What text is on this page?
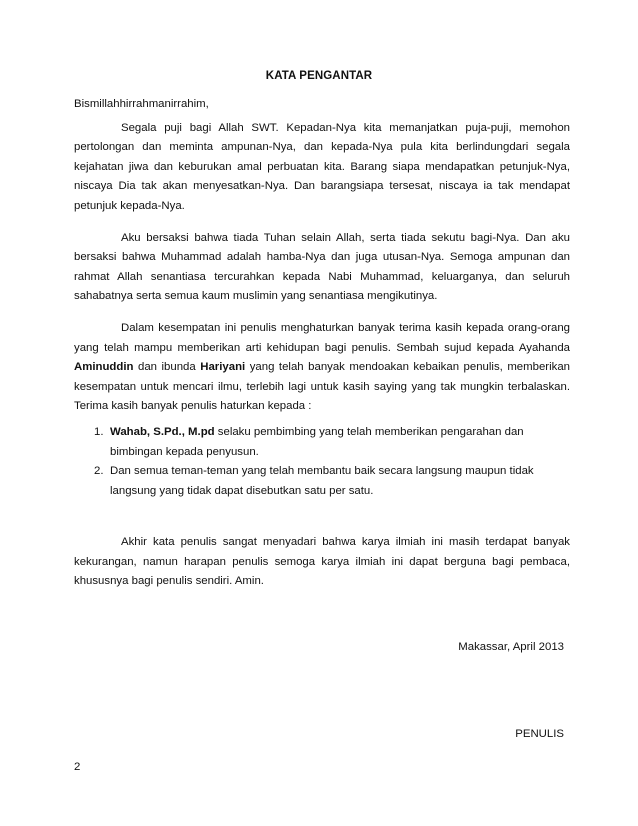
KATA PENGANTAR

Bismillahhirrahmanirrahim,

Segala puji bagi Allah SWT. Kepadan-Nya kita memanjatkan puja-puji, memohon pertolongan dan meminta ampunan-Nya, dan kepada-Nya pula kita berlindungdari segala kejahatan jiwa dan keburukan amal perbuatan kita. Barang siapa mendapatkan petunjuk-Nya, niscaya Dia tak akan menyesatkan-Nya. Dan barangsiapa tersesat, niscaya ia tak mendapat petunjuk kepada-Nya.

Aku bersaksi bahwa tiada Tuhan selain Allah, serta tiada sekutu bagi-Nya. Dan aku bersaksi bahwa Muhammad adalah hamba-Nya dan juga utusan-Nya. Semoga ampunan dan rahmat Allah senantiasa tercurahkan kepada Nabi Muhammad, keluarganya, dan seluruh sahabatnya serta semua kaum muslimin yang senantiasa mengikutinya.

Dalam kesempatan ini penulis menghaturkan banyak terima kasih kepada orang-orang yang telah mampu memberikan arti kehidupan bagi penulis. Sembah sujud kepada Ayahanda Aminuddin dan ibunda Hariyani yang telah banyak mendoakan kebaikan penulis, memberikan kesempatan untuk mencari ilmu, terlebih lagi untuk kasih saying yang tak mungkin terbalaskan. Terima kasih banyak penulis haturkan kepada :

1. Wahab, S.Pd., M.pd selaku pembimbing yang telah memberikan pengarahan dan bimbingan kepada penyusun.
2. Dan semua teman-teman yang telah membantu baik secara langsung maupun tidak langsung yang tidak dapat disebutkan satu per satu.

Akhir kata penulis sangat menyadari bahwa karya ilmiah ini masih terdapat banyak kekurangan, namun harapan penulis semoga karya ilmiah ini dapat berguna bagi pembaca, khususnya bagi penulis sendiri. Amin.

Makassar, April 2013
PENULIS
2
